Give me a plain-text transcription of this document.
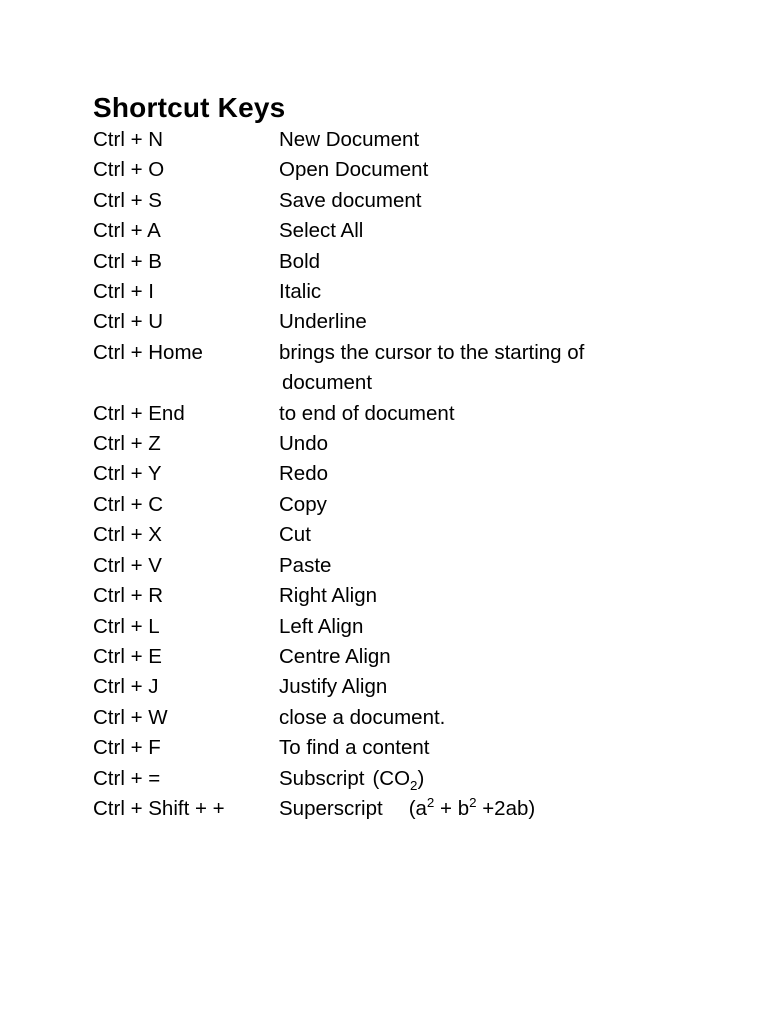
Shortcut Keys
Ctrl + N	New Document
Ctrl + O	Open Document
Ctrl + S	Save document
Ctrl + A	Select All
Ctrl + B	Bold
Ctrl + I	Italic
Ctrl + U	Underline
Ctrl + Home	brings the cursor to the starting of
document
Ctrl + End	to end of document
Ctrl + Z	Undo
Ctrl + Y	Redo
Ctrl + C	Copy
Ctrl + X	Cut
Ctrl + V	Paste
Ctrl + R	Right Align
Ctrl + L	Left Align
Ctrl + E	Centre Align
Ctrl + J	Justify Align
Ctrl + W	close a document.
Ctrl + F	To find a content
Ctrl + =	Subscript $(CO_2)$
Ctrl + Shift + +	Superscript $(a^2 + b^2 +2ab)$
